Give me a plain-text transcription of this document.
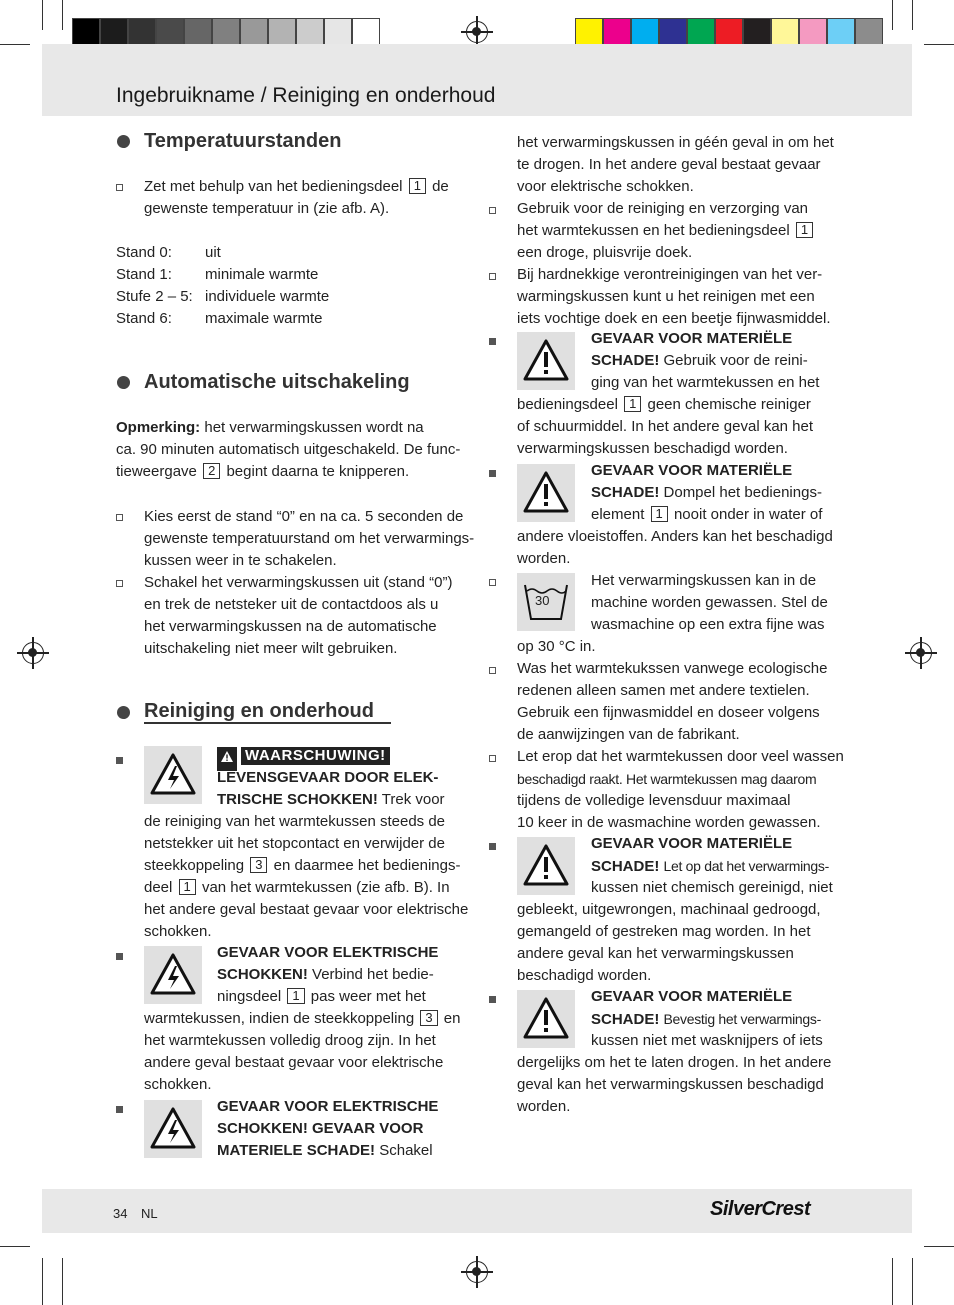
Ingebruikname / Reiniging en onderhoud
Temperatuurstanden
Zet met behulp van het bedieningsdeel 1 de
gewenste temperatuur in (zie afb. A).
Stand 0: uit
Stand 1: minimale warmte
Stufe 2 – 5: individuele warmte
Stand 6: maximale warmte
Automatische uitschakeling
Opmerking: het verwarmingskussen wordt na
ca. 90 minuten automatisch uitgeschakeld. De func-
tieweergave 2 begint daarna te knipperen.
Kies eerst de stand “0” en na ca. 5 seconden de
gewenste temperatuurstand om het verwarmings-
kussen weer in te schakelen.
Schakel het verwarmingskussen uit (stand “0”)
en trek de netsteker uit de contactdoos als u
het verwarmingskussen na de automatische
uitschakeling niet meer wilt gebruiken.
Reiniging en onderhoud
WAARSCHUWING!
LEVENSGEVAAR DOOR ELEK-
TRISCHE SCHOKKEN! Trek voor
de reiniging van het warmtekussen steeds de
netstekker uit het stopcontact en verwijder de
steekkoppeling 3 en daarmee het bedienings-
deel 1 van het warmtekussen (zie afb. B). In
het andere geval bestaat gevaar voor elektrische
schokken.
GEVAAR VOOR ELEKTRISCHE
SCHOKKEN! Verbind het bedie-
ningsdeel 1 pas weer met het
warmtekussen, indien de steekkoppeling 3 en
het warmtekussen volledig droog zijn. In het
andere geval bestaat gevaar voor elektrische
schokken.
GEVAAR VOOR ELEKTRISCHE
SCHOKKEN! GEVAAR VOOR
MATERIELE SCHADE! Schakel
het verwarmingskussen in géén geval in om het
te drogen. In het andere geval bestaat gevaar
voor elektrische schokken.
Gebruik voor de reiniging en verzorging van
het warmtekussen en het bedieningsdeel 1
een droge, pluisvrije doek.
Bij hardnekkige verontreinigingen van het ver-
warmingskussen kunt u het reinigen met een
iets vochtige doek en een beetje fijnwasmiddel.
GEVAAR VOOR MATERIËLE
SCHADE! Gebruik voor de reini-
ging van het warmtekussen en het
bedieningsdeel 1 geen chemische reiniger
of schuurmiddel. In het andere geval kan het
verwarmingskussen beschadigd worden.
GEVAAR VOOR MATERIËLE
SCHADE! Dompel het bedienings-
element 1 nooit onder in water of
andere vloeistoffen. Anders kan het beschadigd
worden.
30
Het verwarmingskussen kan in de
machine worden gewassen. Stel de
wasmachine op een extra fijne was
op 30 °C in.
Was het warmtekukssen vanwege ecologische
redenen alleen samen met andere textielen.
Gebruik een fijnwasmiddel en doseer volgens
de aanwijzingen van de fabrikant.
Let erop dat het warmtekussen door veel wassen
beschadigd raakt. Het warmtekussen mag daarom
tijdens de volledige levensduur maximaal
10 keer in de wasmachine worden gewassen.
GEVAAR VOOR MATERIËLE
SCHADE! Let op dat het verwarmings-
kussen niet chemisch gereinigd, niet
gebleekt, uitgewrongen, machinaal gedroogd,
gemangeld of gestreken mag worden. In het
andere geval kan het verwarmingskussen
beschadigd worden.
GEVAAR VOOR MATERIËLE
SCHADE! Bevestig het verwarmings-
kussen niet met wasknijpers of iets
dergelijks om het te laten drogen. In het andere
geval kan het verwarmingskussen beschadigd
worden.
34 NL	SilverCrest
